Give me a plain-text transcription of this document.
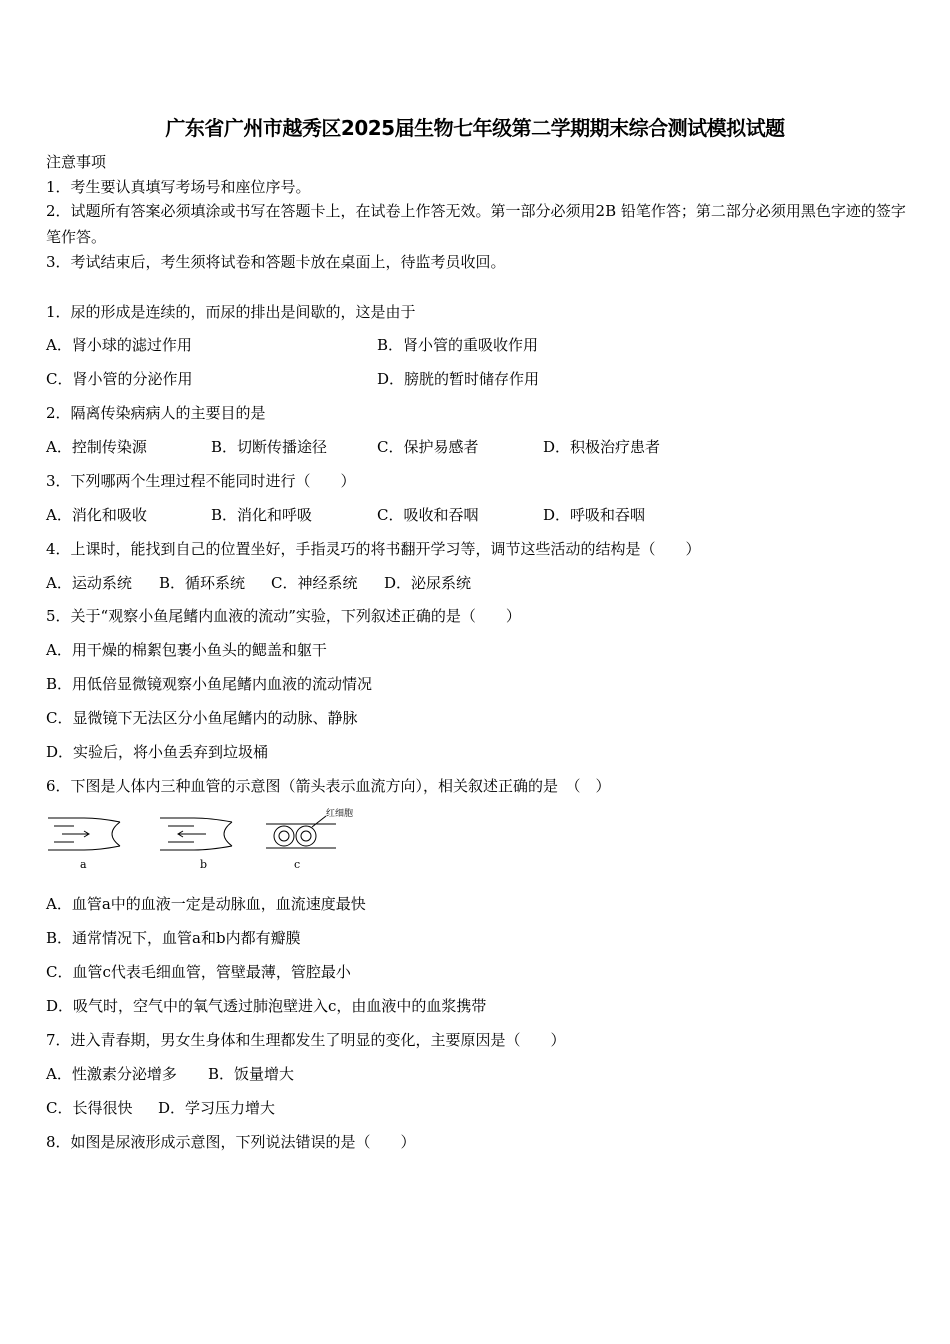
广东省广州市越秀区2025届生物七年级第二学期期末综合测试模拟试题
注意事项
1．考生要认真填写考场号和座位序号。
2．试题所有答案必须填涂或书写在答题卡上，在试卷上作答无效。第一部分必须用2B 铅笔作答；第二部分必须用黑色字迹的签字笔作答。
3．考试结束后，考生须将试卷和答题卡放在桌面上，待监考员收回。
1．尿的形成是连续的，而尿的排出是间歇的，这是由于
A．肾小球的滤过作用	B．肾小管的重吸收作用
C．肾小管的分泌作用	D．膀胱的暂时储存作用
2．隔离传染病病人的主要目的是
A．控制传染源	B．切断传播途径	C．保护易感者	D．积极治疗患者
3．下列哪两个生理过程不能同时进行（　　）
A．消化和吸收	B．消化和呼吸	C．吸收和吞咽	D．呼吸和吞咽
4．上课时，能找到自己的位置坐好，手指灵巧的将书翻开学习等，调节这些活动的结构是（　　）
A．运动系统 B．循环系统 C．神经系统 D．泌尿系统
5．关于“观察小鱼尾鳍内血液的流动”实验，下列叙述正确的是（　　）
A．用干燥的棉絮包裹小鱼头的鳃盖和躯干
B．用低倍显微镜观察小鱼尾鳍内血液的流动情况
C．显微镜下无法区分小鱼尾鳍内的动脉、静脉
D．实验后，将小鱼丢弃到垃圾桶
6．下图是人体内三种血管的示意图（箭头表示血流方向），相关叙述正确的是　（　）
a	b	c
红细胞
A．血管a中的血液一定是动脉血，血流速度最快
B．通常情况下，血管a和b内都有瓣膜
C．血管c代表毛细血管，管壁最薄，管腔最小
D．吸气时，空气中的氧气透过肺泡壁进入c，由血液中的血浆携带
7．进入青春期，男女生身体和生理都发生了明显的变化，主要原因是（　　）
A．性激素分泌增多 B．饭量增大
C．长得很快 D．学习压力增大
8．如图是尿液形成示意图，下列说法错误的是（　　）
